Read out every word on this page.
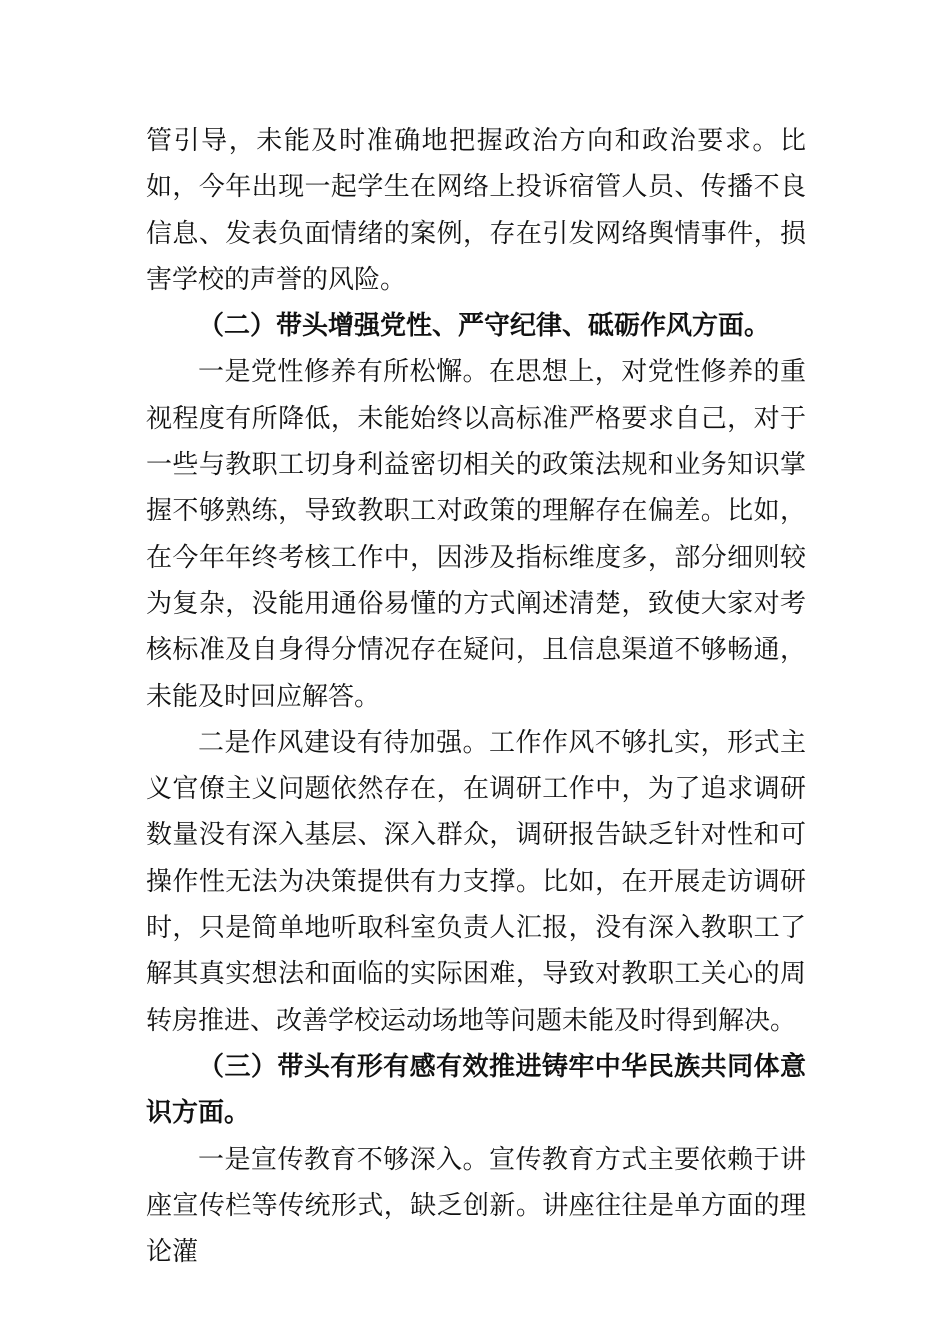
管引导，未能及时准确地把握政治方向和政治要求。比如，今年出现一起学生在网络上投诉宿管人员、传播不良信息、发表负面情绪的案例，存在引发网络舆情事件，损害学校的声誉的风险。

（二）带头增强党性、严守纪律、砥砺作风方面。

一是党性修养有所松懈。在思想上，对党性修养的重视程度有所降低，未能始终以高标准严格要求自己，对于一些与教职工切身利益密切相关的政策法规和业务知识掌握不够熟练，导致教职工对政策的理解存在偏差。比如，在今年年终考核工作中，因涉及指标维度多，部分细则较为复杂，没能用通俗易懂的方式阐述清楚，致使大家对考核标准及自身得分情况存在疑问，且信息渠道不够畅通，未能及时回应解答。

二是作风建设有待加强。工作作风不够扎实，形式主义官僚主义问题依然存在，在调研工作中，为了追求调研数量没有深入基层、深入群众，调研报告缺乏针对性和可操作性无法为决策提供有力支撑。比如，在开展走访调研时，只是简单地听取科室负责人汇报，没有深入教职工了解其真实想法和面临的实际困难，导致对教职工关心的周转房推进、改善学校运动场地等问题未能及时得到解决。

（三）带头有形有感有效推进铸牢中华民族共同体意识方面。

一是宣传教育不够深入。宣传教育方式主要依赖于讲座宣传栏等传统形式，缺乏创新。讲座往往是单方面的理论灌
